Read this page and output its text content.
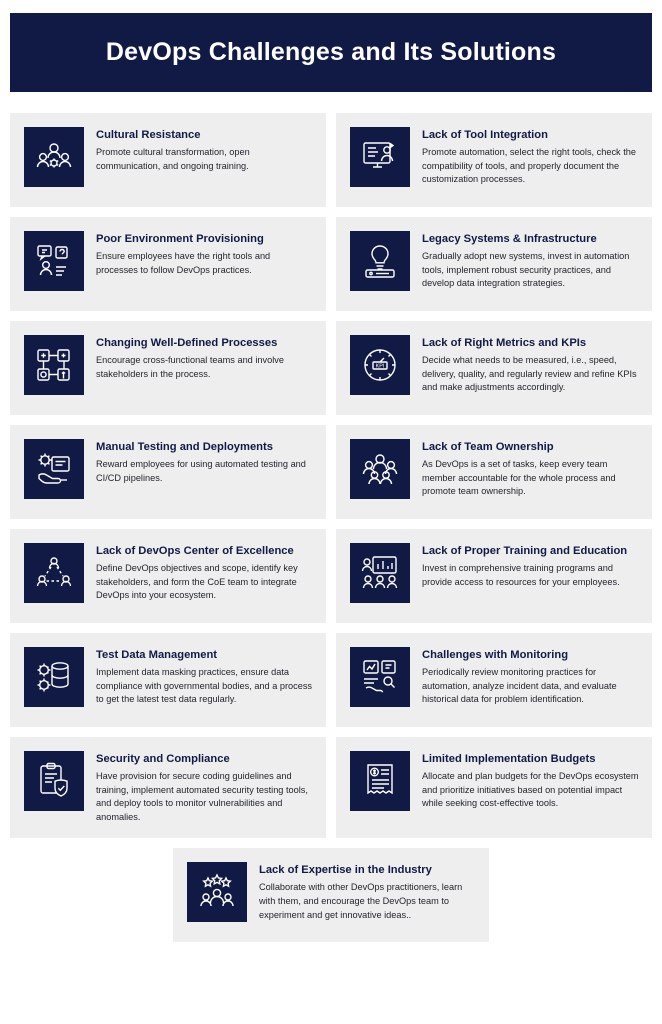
DevOps Challenges and Its Solutions
Cultural Resistance
Promote cultural transformation, open communication, and ongoing training.
Lack of Tool Integration
Promote automation, select the right tools, check the compatibility of tools, and properly document the customization processes.
Poor Environment Provisioning
Ensure employees have the right tools and processes to follow DevOps practices.
Legacy Systems & Infrastructure
Gradually adopt new systems, invest in automation tools, implement robust security practices, and develop data integration strategies.
Changing Well-Defined Processes
Encourage cross-functional teams and involve stakeholders in the process.
KPI
Lack of Right Metrics and KPIs
Decide what needs to be measured, i.e., speed, delivery, quality, and regularly review and refine KPIs and make adjustments accordingly.
Manual Testing and Deployments
Reward employees for using automated testing and CI/CD pipelines.
Lack of Team Ownership
As DevOps is a set of tasks, keep every team member accountable for the whole process and promote team ownership.
Lack of DevOps Center of Excellence
Define DevOps objectives and scope, identify key stakeholders, and form the CoE team to integrate DevOps into your ecosystem.
Lack of Proper Training and Education
Invest in comprehensive training programs and provide access to resources for your employees.
Test Data Management
Implement data masking practices, ensure data compliance with governmental bodies, and a process to get the latest test data regularly.
Challenges with Monitoring
Periodically review monitoring practices for automation, analyze incident data, and evaluate historical data for problem identification.
Security and Compliance
Have provision for secure coding guidelines and training, implement automated security testing tools, and deploy tools to monitor vulnerabilities and anomalies.
Limited Implementation Budgets
Allocate and plan budgets for the DevOps ecosystem and prioritize initiatives based on potential impact while seeking cost-effective tools.
Lack of Expertise in the Industry
Collaborate with other DevOps practitioners, learn with them, and encourage the DevOps team to experiment and get innovative ideas..
